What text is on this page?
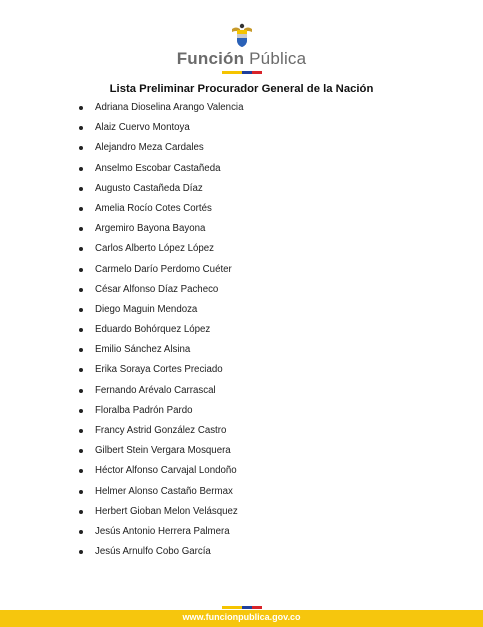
Función Pública
Lista Preliminar Procurador General de la Nación
Adriana Dioselina Arango Valencia
Alaiz Cuervo Montoya
Alejandro Meza Cardales
Anselmo Escobar Castañeda
Augusto Castañeda Díaz
Amelia Rocío Cotes Cortés
Argemiro Bayona Bayona
Carlos Alberto López López
Carmelo Darío Perdomo Cuéter
César Alfonso Díaz Pacheco
Diego Maguin Mendoza
Eduardo Bohórquez López
Emilio Sánchez Alsina
Erika Soraya Cortes Preciado
Fernando Arévalo Carrascal
Floralba Padrón Pardo
Francy Astrid González Castro
Gilbert Stein Vergara Mosquera
Héctor Alfonso Carvajal Londoño
Helmer Alonso Castaño Bermax
Herbert Gioban Melon Velásquez
Jesús Antonio Herrera Palmera
Jesús Arnulfo Cobo García
www.funcionpublica.gov.co
